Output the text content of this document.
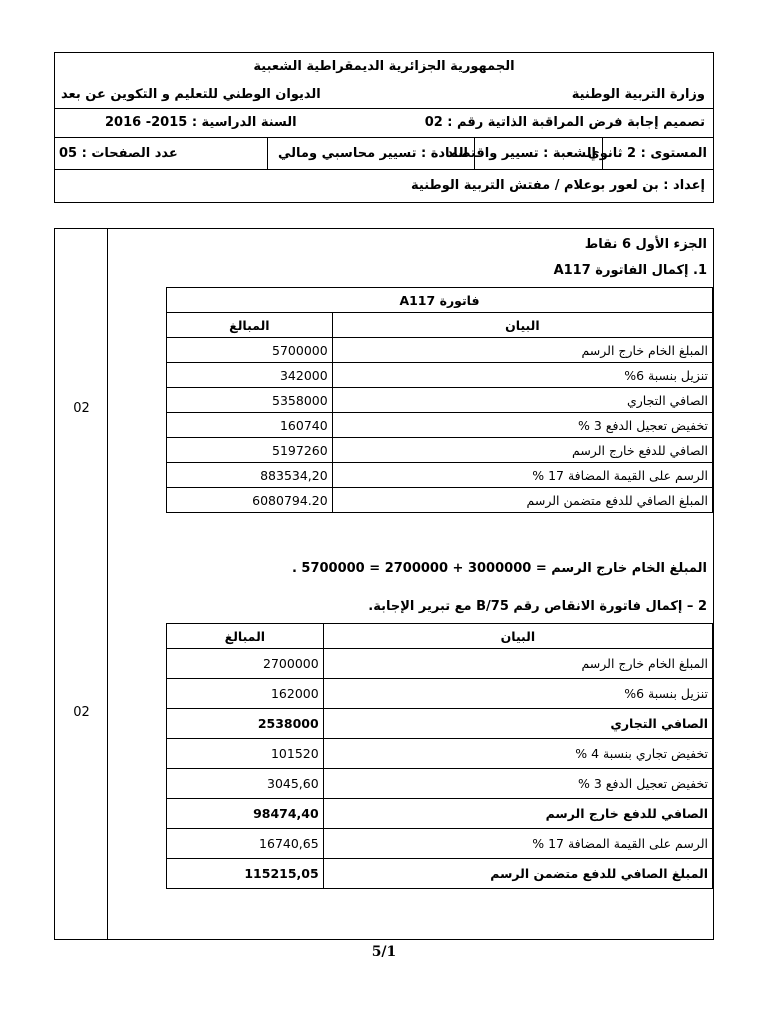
الجمهورية الجزائرية الديمقراطية الشعبية
وزارة التربية الوطنية
الديوان الوطني للتعليم و التكوين عن بعد
تصميم إجابة فرض المراقبة الذاتية رقم : 02
السنة الدراسية : 2015- 2016
المستوى : 2 ثانوي
الشعبة : تسيير واقتصاد
المادة : تسيير محاسبي ومالي
عدد الصفحات : 05
إعداد : بن لعور بوعلام / مفتش التربية الوطنية
02
02
الجزء الأول 6 نقاط
1. إكمال الفاتورة A117
فاتورة A117	
البيان	المبالغ
المبلغ الخام خارج الرسم	5700000
تنزيل بنسبة 6%	342000
الصافي التجاري	5358000
تخفيض تعجيل الدفع 3 %	160740
الصافي للدفع خارج الرسم	5197260
الرسم على القيمة المضافة 17 %	883534,20
المبلغ الصافي للدفع متضمن الرسم	6080794.20
المبلغ الخام خارج الرسم = 3000000 + 2700000 = 5700000 .
2 – إكمال فاتورة الانقاص رقم B/75 مع تبرير الإجابة.
البيان	المبالغ
المبلغ الخام خارج الرسم	2700000
تنزيل بنسبة 6%	162000
الصافي التجاري	2538000
تخفيض تجاري بنسبة 4 %	101520
تخفيض تعجيل الدفع 3 %	3045,60
الصافي للدفع خارج الرسم	98474,40
الرسم على القيمة المضافة 17 %	16740,65
المبلغ الصافي للدفع متضمن الرسم	115215,05
5/1
